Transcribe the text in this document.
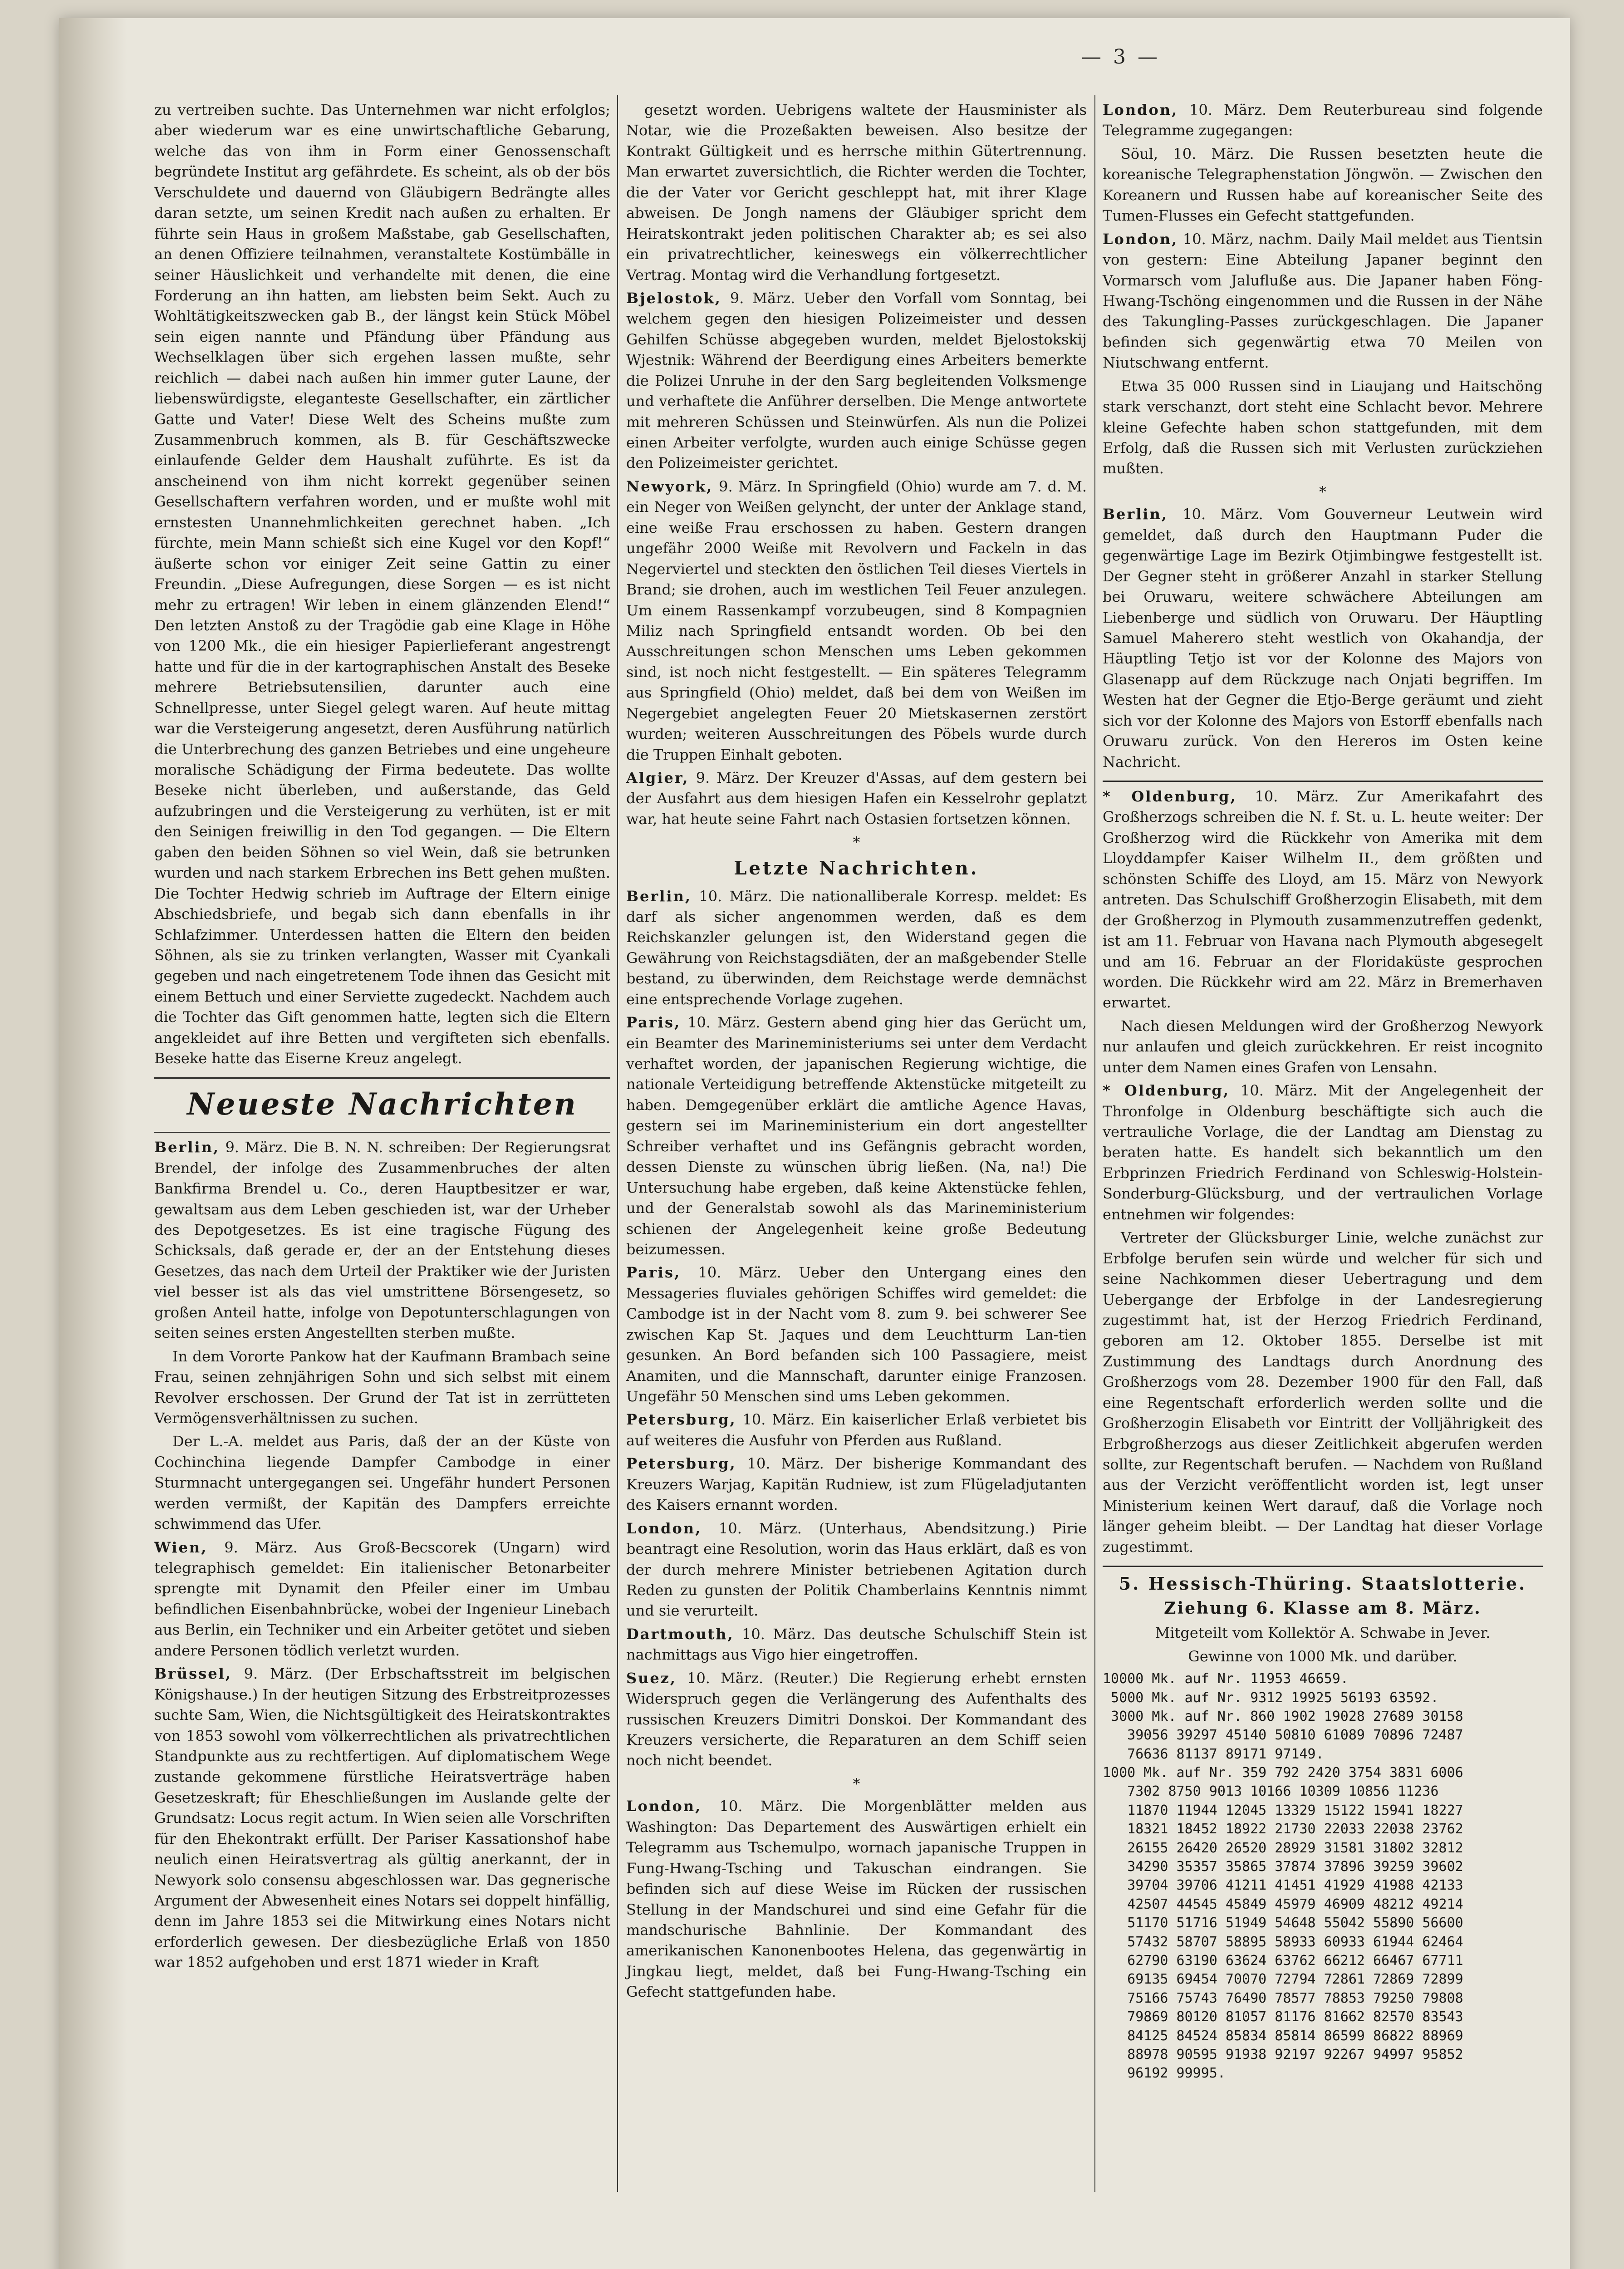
— 3 —

zu vertreiben suchte. Das Unternehmen war nicht erfolglos; aber wiederum war es eine unwirtschaftliche Gebarung, welche das von ihm in Form einer Genossenschaft begründete Institut arg gefährdete. Es scheint, als ob der bös Verschuldete und dauernd von Gläubigern Bedrängte alles daran setzte, um seinen Kredit nach außen zu erhalten. Er führte sein Haus in großem Maßstabe, gab Gesellschaften, an denen Offiziere teilnahmen, veranstaltete Kostümbälle in seiner Häuslichkeit und verhandelte mit denen, die eine Forderung an ihn hatten, am liebsten beim Sekt. Auch zu Wohltätigkeitszwecken gab B., der längst kein Stück Möbel sein eigen nannte und Pfändung über Pfändung aus Wechselklagen über sich ergehen lassen mußte, sehr reichlich — dabei nach außen hin immer guter Laune, der liebenswürdigste, eleganteste Gesellschafter, ein zärtlicher Gatte und Vater! Diese Welt des Scheins mußte zum Zusammenbruch kommen, als B. für Geschäftszwecke einlaufende Gelder dem Haushalt zuführte. Es ist da anscheinend von ihm nicht korrekt gegenüber seinen Gesellschaftern verfahren worden, und er mußte wohl mit ernstesten Unannehmlichkeiten gerechnet haben. „Ich fürchte, mein Mann schießt sich eine Kugel vor den Kopf!“ äußerte schon vor einiger Zeit seine Gattin zu einer Freundin. „Diese Aufregungen, diese Sorgen — es ist nicht mehr zu ertragen! Wir leben in einem glänzenden Elend!“ Den letzten Anstoß zu der Tragödie gab eine Klage in Höhe von 1200 Mk., die ein hiesiger Papierlieferant angestrengt hatte und für die in der kartographischen Anstalt des Beseke mehrere Betriebsutensilien, darunter auch eine Schnellpresse, unter Siegel gelegt waren. Auf heute mittag war die Versteigerung angesetzt, deren Ausführung natürlich die Unterbrechung des ganzen Betriebes und eine ungeheure moralische Schädigung der Firma bedeutete. Das wollte Beseke nicht überleben, und außerstande, das Geld aufzubringen und die Versteigerung zu verhüten, ist er mit den Seinigen freiwillig in den Tod gegangen. — Die Eltern gaben den beiden Söhnen so viel Wein, daß sie betrunken wurden und nach starkem Erbrechen ins Bett gehen mußten. Die Tochter Hedwig schrieb im Auftrage der Eltern einige Abschiedsbriefe, und begab sich dann ebenfalls in ihr Schlafzimmer. Unterdessen hatten die Eltern den beiden Söhnen, als sie zu trinken verlangten, Wasser mit Cyankali gegeben und nach eingetretenem Tode ihnen das Gesicht mit einem Bettuch und einer Serviette zugedeckt. Nachdem auch die Tochter das Gift genommen hatte, legten sich die Eltern angekleidet auf ihre Betten und vergifteten sich ebenfalls. Beseke hatte das Eiserne Kreuz angelegt.

Neueste Nachrichten

Berlin, 9. März. Die B. N. N. schreiben: Der Regierungsrat Brendel, der infolge des Zusammenbruches der alten Bankfirma Brendel u. Co., deren Hauptbesitzer er war, gewaltsam aus dem Leben geschieden ist, war der Urheber des Depotgesetzes. Es ist eine tragische Fügung des Schicksals, daß gerade er, der an der Entstehung dieses Gesetzes, das nach dem Urteil der Praktiker wie der Juristen viel besser ist als das viel umstrittene Börsengesetz, so großen Anteil hatte, infolge von Depotunterschlagungen von seiten seines ersten Angestellten sterben mußte.

In dem Vororte Pankow hat der Kaufmann Brambach seine Frau, seinen zehnjährigen Sohn und sich selbst mit einem Revolver erschossen. Der Grund der Tat ist in zerrütteten Vermögensverhältnissen zu suchen.

Der L.-A. meldet aus Paris, daß der an der Küste von Cochinchina liegende Dampfer Cambodge in einer Sturmnacht untergegangen sei. Ungefähr hundert Personen werden vermißt, der Kapitän des Dampfers erreichte schwimmend das Ufer.

Wien, 9. März. Aus Groß-Becscorek (Ungarn) wird telegraphisch gemeldet: Ein italienischer Betonarbeiter sprengte mit Dynamit den Pfeiler einer im Umbau befindlichen Eisenbahnbrücke, wobei der Ingenieur Linebach aus Berlin, ein Techniker und ein Arbeiter getötet und sieben andere Personen tödlich verletzt wurden.

Brüssel, 9. März. (Der Erbschaftsstreit im belgischen Königshause.) In der heutigen Sitzung des Erbstreitprozesses suchte Sam, Wien, die Nichtsgültigkeit des Heiratskontraktes von 1853 sowohl vom völkerrechtlichen als privatrechtlichen Standpunkte aus zu rechtfertigen. Auf diplomatischem Wege zustande gekommene fürstliche Heiratsverträge haben Gesetzeskraft; für Eheschließungen im Auslande gelte der Grundsatz: Locus regit actum. In Wien seien alle Vorschriften für den Ehekontrakt erfüllt. Der Pariser Kassationshof habe neulich einen Heiratsvertrag als gültig anerkannt, der in Newyork solo consensu abgeschlossen war. Das gegnerische Argument der Abwesenheit eines Notars sei doppelt hinfällig, denn im Jahre 1853 sei die Mitwirkung eines Notars nicht erforderlich gewesen. Der diesbezügliche Erlaß von 1850 war 1852 aufgehoben und erst 1871 wieder in Kraft

gesetzt worden. Uebrigens waltete der Hausminister als Notar, wie die Prozeßakten beweisen. Also besitze der Kontrakt Gültigkeit und es herrsche mithin Gütertrennung. Man erwartet zuversichtlich, die Richter werden die Tochter, die der Vater vor Gericht geschleppt hat, mit ihrer Klage abweisen. De Jongh namens der Gläubiger spricht dem Heiratskontrakt jeden politischen Charakter ab; es sei also ein privatrechtlicher, keineswegs ein völkerrechtlicher Vertrag. Montag wird die Verhandlung fortgesetzt.

Bjelostok, 9. März. Ueber den Vorfall vom Sonntag, bei welchem gegen den hiesigen Polizeimeister und dessen Gehilfen Schüsse abgegeben wurden, meldet Bjelostokskij Wjestnik: Während der Beerdigung eines Arbeiters bemerkte die Polizei Unruhe in der den Sarg begleitenden Volksmenge und verhaftete die Anführer derselben. Die Menge antwortete mit mehreren Schüssen und Steinwürfen. Als nun die Polizei einen Arbeiter verfolgte, wurden auch einige Schüsse gegen den Polizeimeister gerichtet.

Newyork, 9. März. In Springfield (Ohio) wurde am 7. d. M. ein Neger von Weißen gelyncht, der unter der Anklage stand, eine weiße Frau erschossen zu haben. Gestern drangen ungefähr 2000 Weiße mit Revolvern und Fackeln in das Negerviertel und steckten den östlichen Teil dieses Viertels in Brand; sie drohen, auch im westlichen Teil Feuer anzulegen. Um einem Rassenkampf vorzubeugen, sind 8 Kompagnien Miliz nach Springfield entsandt worden. Ob bei den Ausschreitungen schon Menschen ums Leben gekommen sind, ist noch nicht festgestellt. — Ein späteres Telegramm aus Springfield (Ohio) meldet, daß bei dem von Weißen im Negergebiet angelegten Feuer 20 Mietskasernen zerstört wurden; weiteren Ausschreitungen des Pöbels wurde durch die Truppen Einhalt geboten.

Algier, 9. März. Der Kreuzer d'Assas, auf dem gestern bei der Ausfahrt aus dem hiesigen Hafen ein Kesselrohr geplatzt war, hat heute seine Fahrt nach Ostasien fortsetzen können.

*
Letzte Nachrichten.

Berlin, 10. März. Die nationalliberale Korresp. meldet: Es darf als sicher angenommen werden, daß es dem Reichskanzler gelungen ist, den Widerstand gegen die Gewährung von Reichstagsdiäten, der an maßgebender Stelle bestand, zu überwinden, dem Reichstage werde demnächst eine entsprechende Vorlage zugehen.

Paris, 10. März. Gestern abend ging hier das Gerücht um, ein Beamter des Marineministeriums sei unter dem Verdacht verhaftet worden, der japanischen Regierung wichtige, die nationale Verteidigung betreffende Aktenstücke mitgeteilt zu haben. Demgegenüber erklärt die amtliche Agence Havas, gestern sei im Marineministerium ein dort angestellter Schreiber verhaftet und ins Gefängnis gebracht worden, dessen Dienste zu wünschen übrig ließen. (Na, na!) Die Untersuchung habe ergeben, daß keine Aktenstücke fehlen, und der Generalstab sowohl als das Marineministerium schienen der Angelegenheit keine große Bedeutung beizumessen.

Paris, 10. März. Ueber den Untergang eines den Messageries fluviales gehörigen Schiffes wird gemeldet: die Cambodge ist in der Nacht vom 8. zum 9. bei schwerer See zwischen Kap St. Jaques und dem Leuchtturm Lan-tien gesunken. An Bord befanden sich 100 Passagiere, meist Anamiten, und die Mannschaft, darunter einige Franzosen. Ungefähr 50 Menschen sind ums Leben gekommen.

Petersburg, 10. März. Ein kaiserlicher Erlaß verbietet bis auf weiteres die Ausfuhr von Pferden aus Rußland.

Petersburg, 10. März. Der bisherige Kommandant des Kreuzers Warjag, Kapitän Rudniew, ist zum Flügeladjutanten des Kaisers ernannt worden.

London, 10. März. (Unterhaus, Abendsitzung.) Pirie beantragt eine Resolution, worin das Haus erklärt, daß es von der durch mehrere Minister betriebenen Agitation durch Reden zu gunsten der Politik Chamberlains Kenntnis nimmt und sie verurteilt.

Dartmouth, 10. März. Das deutsche Schulschiff Stein ist nachmittags aus Vigo hier eingetroffen.

Suez, 10. März. (Reuter.) Die Regierung erhebt ernsten Widerspruch gegen die Verlängerung des Aufenthalts des russischen Kreuzers Dimitri Donskoi. Der Kommandant des Kreuzers versicherte, die Reparaturen an dem Schiff seien noch nicht beendet.

*

London, 10. März. Die Morgenblätter melden aus Washington: Das Departement des Auswärtigen erhielt ein Telegramm aus Tschemulpo, wornach japanische Truppen in Fung-Hwang-Tsching und Takuschan eindrangen. Sie befinden sich auf diese Weise im Rücken der russischen Stellung in der Mandschurei und sind eine Gefahr für die mandschurische Bahnlinie. Der Kommandant des amerikanischen Kanonenbootes Helena, das gegenwärtig in Jingkau liegt, meldet, daß bei Fung-Hwang-Tsching ein Gefecht stattgefunden habe.

London, 10. März. Dem Reuterbureau sind folgende Telegramme zugegangen:

Söul, 10. März. Die Russen besetzten heute die koreanische Telegraphenstation Jöngwön. — Zwischen den Koreanern und Russen habe auf koreanischer Seite des Tumen-Flusses ein Gefecht stattgefunden.

London, 10. März, nachm. Daily Mail meldet aus Tientsin von gestern: Eine Abteilung Japaner beginnt den Vormarsch vom Jalufluße aus. Die Japaner haben Föng-Hwang-Tschöng eingenommen und die Russen in der Nähe des Takungling-Passes zurückgeschlagen. Die Japaner befinden sich gegenwärtig etwa 70 Meilen von Niutschwang entfernt.

Etwa 35 000 Russen sind in Liaujang und Haitschöng stark verschanzt, dort steht eine Schlacht bevor. Mehrere kleine Gefechte haben schon stattgefunden, mit dem Erfolg, daß die Russen sich mit Verlusten zurückziehen mußten.

*

Berlin, 10. März. Vom Gouverneur Leutwein wird gemeldet, daß durch den Hauptmann Puder die gegenwärtige Lage im Bezirk Otjimbingwe festgestellt ist. Der Gegner steht in größerer Anzahl in starker Stellung bei Oruwaru, weitere schwächere Abteilungen am Liebenberge und südlich von Oruwaru. Der Häuptling Samuel Maherero steht westlich von Okahandja, der Häuptling Tetjo ist vor der Kolonne des Majors von Glasenapp auf dem Rückzuge nach Onjati begriffen. Im Westen hat der Gegner die Etjo-Berge geräumt und zieht sich vor der Kolonne des Majors von Estorff ebenfalls nach Oruwaru zurück. Von den Hereros im Osten keine Nachricht.

* Oldenburg, 10. März. Zur Amerikafahrt des Großherzogs schreiben die N. f. St. u. L. heute weiter: Der Großherzog wird die Rückkehr von Amerika mit dem Lloyddampfer Kaiser Wilhelm II., dem größten und schönsten Schiffe des Lloyd, am 15. März von Newyork antreten. Das Schulschiff Großherzogin Elisabeth, mit dem der Großherzog in Plymouth zusammenzutreffen gedenkt, ist am 11. Februar von Havana nach Plymouth abgesegelt und am 16. Februar an der Floridaküste gesprochen worden. Die Rückkehr wird am 22. März in Bremerhaven erwartet.

Nach diesen Meldungen wird der Großherzog Newyork nur anlaufen und gleich zurückkehren. Er reist incognito unter dem Namen eines Grafen von Lensahn.

* Oldenburg, 10. März. Mit der Angelegenheit der Thronfolge in Oldenburg beschäftigte sich auch die vertrauliche Vorlage, die der Landtag am Dienstag zu beraten hatte. Es handelt sich bekanntlich um den Erbprinzen Friedrich Ferdinand von Schleswig-Holstein-Sonderburg-Glücksburg, und der vertraulichen Vorlage entnehmen wir folgendes:

Vertreter der Glücksburger Linie, welche zunächst zur Erbfolge berufen sein würde und welcher für sich und seine Nachkommen dieser Uebertragung und dem Uebergange der Erbfolge in der Landesregierung zugestimmt hat, ist der Herzog Friedrich Ferdinand, geboren am 12. Oktober 1855. Derselbe ist mit Zustimmung des Landtags durch Anordnung des Großherzogs vom 28. Dezember 1900 für den Fall, daß eine Regentschaft erforderlich werden sollte und die Großherzogin Elisabeth vor Eintritt der Volljährigkeit des Erbgroßherzogs aus dieser Zeitlichkeit abgerufen werden sollte, zur Regentschaft berufen. — Nachdem von Rußland aus der Verzicht veröffentlicht worden ist, legt unser Ministerium keinen Wert darauf, daß die Vorlage noch länger geheim bleibt. — Der Landtag hat dieser Vorlage zugestimmt.

5. Hessisch-Thüring. Staatslotterie.
Ziehung 6. Klasse am 8. März.

Mitgeteilt vom Kollektör A. Schwabe in Jever.

Gewinne von 1000 Mk. und darüber.

10000 Mk. auf Nr. 11953 46659.
5000 Mk. auf Nr. 9312 19925 56193 63592.
3000 Mk. auf Nr. 860 1902 19028 27689 30158
39056 39297 45140 50810 61089 70896 72487
76636 81137 89171 97149.
1000 Mk. auf Nr. 359 792 2420 3754 3831 6006
7302 8750 9013 10166 10309 10856 11236
11870 11944 12045 13329 15122 15941 18227
18321 18452 18922 21730 22033 22038 23762
26155 26420 26520 28929 31581 31802 32812
34290 35357 35865 37874 37896 39259 39602
39704 39706 41211 41451 41929 41988 42133
42507 44545 45849 45979 46909 48212 49214
51170 51716 51949 54648 55042 55890 56600
57432 58707 58895 58933 60933 61944 62464
62790 63190 63624 63762 66212 66467 67711
69135 69454 70070 72794 72861 72869 72899
75166 75743 76490 78577 78853 79250 79808
79869 80120 81057 81176 81662 82570 83543
84125 84524 85834 85814 86599 86822 88969
88978 90595 91938 92197 92267 94997 95852
96192 99995.
